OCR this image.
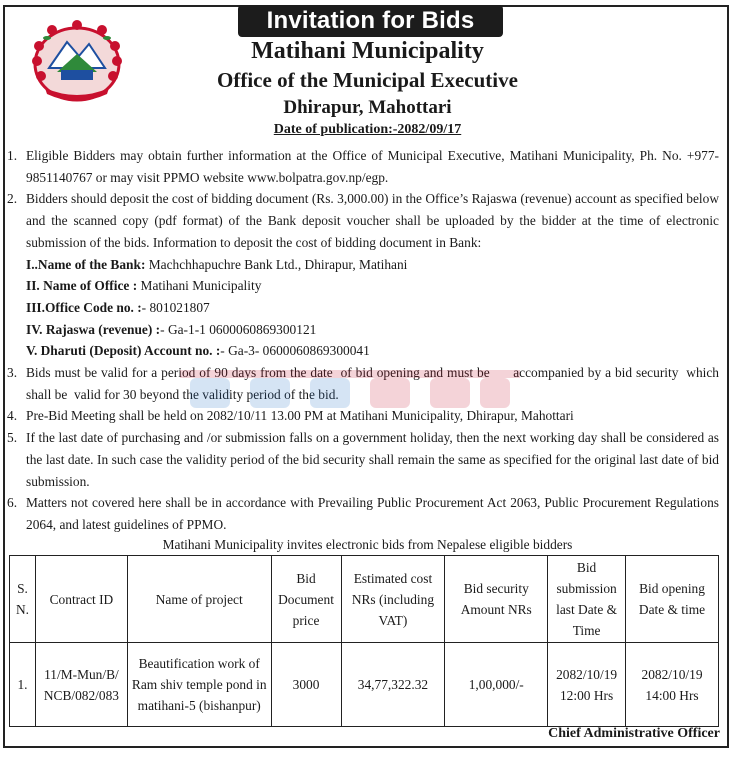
Invitation for Bids
Matihani Municipality
Office of the Municipal Executive
Dhirapur, Mahottari
Date of publication:-2082/09/17
1. Eligible Bidders may obtain further information at the Office of Municipal Executive, Matihani Municipality, Ph. No. +977-9851140767 or may visit PPMO website www.bolpatra.gov.np/egp.
2. Bidders should deposit the cost of bidding document (Rs. 3,000.00) in the Office’s Rajaswa (revenue) account as specified below and the scanned copy (pdf format) of the Bank deposit voucher shall be uploaded by the bidder at the time of electronic submission of the bids. Information to deposit the cost of bidding document in Bank:
I..Name of the Bank: Machchhapuchre Bank Ltd., Dhirapur, Matihani
II. Name of Office : Matihani Municipality
III.Office Code no. :- 801021807
IV. Rajaswa (revenue) :- Ga-1-1 0600060869300121
V. Dharuti (Deposit) Account no. :- Ga-3- 0600060869300041
3. Bids must be valid for a period of 90 days from the date  of bid opening and must be      accompanied by a bid security  which shall be  valid for 30 beyond the validity period of the bid.
4. Pre-Bid Meeting shall be held on 2082/10/11 13.00 PM at Matihani Municipality, Dhirapur, Mahottari
5. If the last date of purchasing and /or submission falls on a government holiday, then the next working day shall be considered as the last date. In such case the validity period of the bid security shall remain the same as specified for the original last date of bid submission.
6. Matters not covered here shall be in accordance with Prevailing Public Procurement Act 2063, Public Procurement Regulations 2064, and latest guidelines of PPMO.
Matihani Municipality invites electronic bids from Nepalese eligible bidders
S. N.	Contract ID	Name of project	Bid Document price	Estimated cost NRs (including VAT)	Bid security Amount NRs	Bid submission last Date & Time	Bid opening Date & time
1.	11/M-Mun/B/ NCB/082/083	Beautification work of Ram shiv temple pond in matihani-5 (bishanpur)	3000	34,77,322.32	1,00,000/-	2082/10/19 12:00 Hrs	2082/10/19 14:00 Hrs
Chief Administrative Officer
